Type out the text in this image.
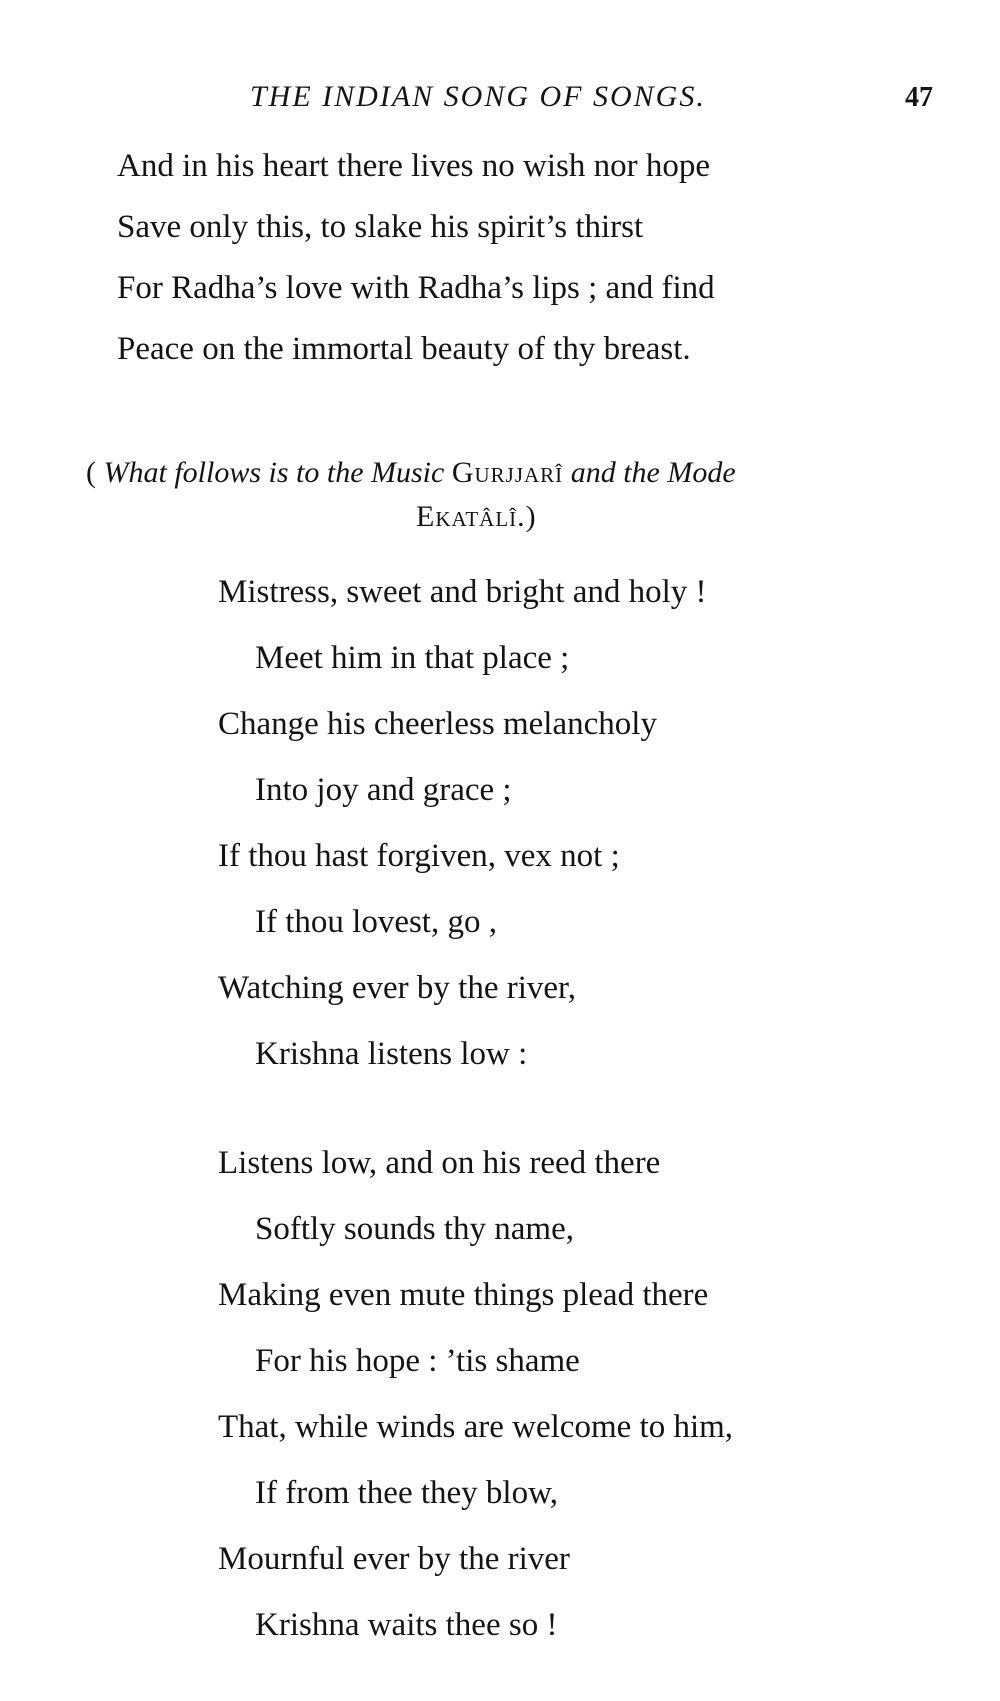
THE INDIAN SONG OF SONGS.	47
And in his heart there lives no wish nor hope
Save only this, to slake his spirit’s thirst
For Radha’s love with Radha’s lips ; and find
Peace on the immortal beauty of thy breast.
( What follows is to the Music Gurjjarî and the Mode
Ekatâlî.)
Mistress, sweet and bright and holy !
Meet him in that place ;
Change his cheerless melancholy
Into joy and grace ;
If thou hast forgiven, vex not ;
If thou lovest, go ,
Watching ever by the river,
Krishna listens low :
Listens low, and on his reed there
Softly sounds thy name,
Making even mute things plead there
For his hope : ’tis shame
That, while winds are welcome to him,
If from thee they blow,
Mournful ever by the river
Krishna waits thee so !
